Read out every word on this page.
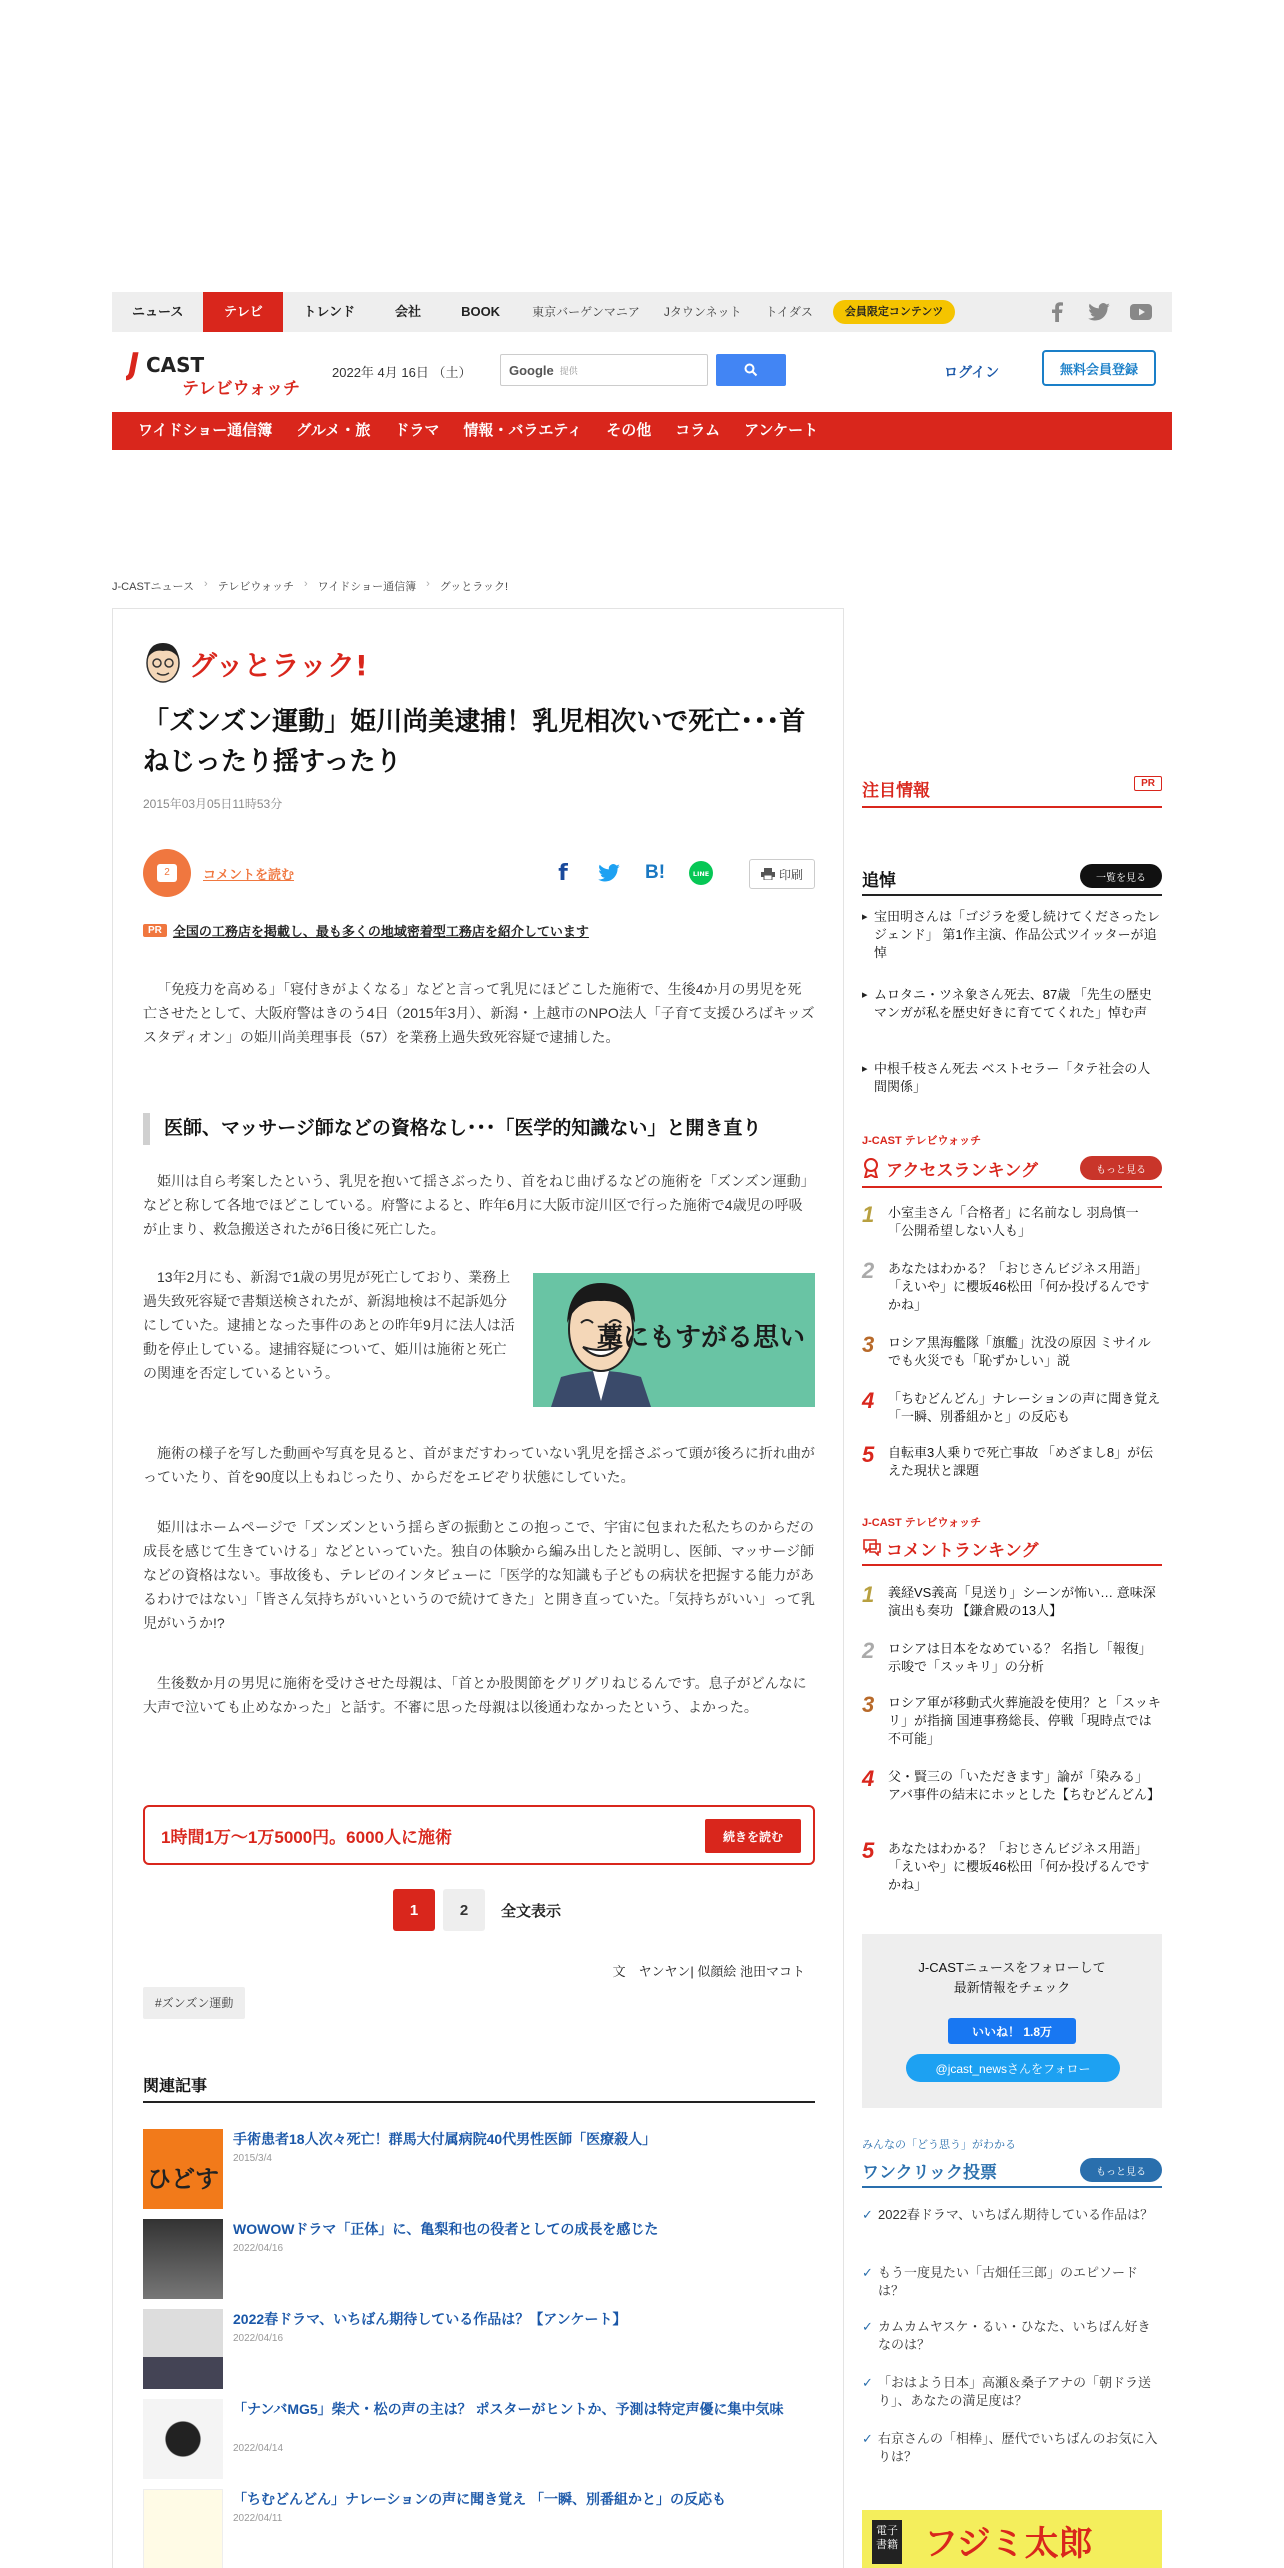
ニュース	テレビ	トレンド	会社	BOOK	東京バーゲンマニア	Jタウンネット	トイダス	会員限定コンテンツ
J CAST
テレビウォッチ
2022年 4月 16日 （土）	Google 提供	ログイン	無料会員登録
ワイドショー通信簿	グルメ・旅	ドラマ	情報・バラエティ	その他	コラム	アンケート
J-CASTニュース › テレビウォッチ › ワイドショー通信簿 › グッとラック!
グッとラック!
「ズンズン運動」姫川尚美逮捕！乳児相次いで死亡･･･首ねじったり揺すったり
2015年03月05日11時53分
2	コメントを読む	f	B!	LINE	印刷
PR 全国の工務店を掲載し、最も多くの地域密着型工務店を紹介しています

「免疫力を高める」「寝付きがよくなる」などと言って乳児にほどこした施術で、生後4か月の男児を死亡させたとして、大阪府警はきのう4日（2015年3月）、新潟・上越市のNPO法人「子育て支援ひろばキッズスタディオン」の姫川尚美理事長（57）を業務上過失致死容疑で逮捕した。

医師、マッサージ師などの資格なし･･･「医学的知識ない」と開き直り

姫川は自ら考案したという、乳児を抱いて揺さぶったり、首をねじ曲げるなどの施術を「ズンズン運動」などと称して各地でほどこしている。府警によると、昨年6月に大阪市淀川区で行った施術で4歳児の呼吸が止まり、救急搬送されたが6日後に死亡した。

13年2月にも、新潟で1歳の男児が死亡しており、業務上過失致死容疑で書類送検されたが、新潟地検は不起訴処分にしていた。逮捕となった事件のあとの昨年9月に法人は活動を停止している。逮捕容疑について、姫川は施術と死亡の関連を否定しているという。

藁にもすがる思い

施術の様子を写した動画や写真を見ると、首がまだすわっていない乳児を揺さぶって頭が後ろに折れ曲がっていたり、首を90度以上もねじったり、からだをエビぞり状態にしていた。

姫川はホームページで「ズンズンという揺らぎの振動とこの抱っこで、宇宙に包まれた私たちのからだの成長を感じて生きていける」などといっていた。独自の体験から編み出したと説明し、医師、マッサージ師などの資格はない。事故後も、テレビのインタビューに「医学的な知識も子どもの病状を把握する能力があるわけではない」「皆さん気持ちがいいというので続けてきた」と開き直っていた。「気持ちがいい」って乳児がいうか!?

生後数か月の男児に施術を受けさせた母親は、「首とか股関節をグリグリねじるんです。息子がどんなに大声で泣いても止めなかった」と話す。不審に思った母親は以後通わなかったという、よかった。

1時間1万～1万5000円。6000人に施術	続きを読む
1	2	全文表示
文　ヤンヤン| 似顔絵 池田マコト
#ズンズン運動
関連記事
ひどす
手術患者18人次々死亡！群馬大付属病院40代男性医師「医療殺人」
2015/3/4
WOWOWドラマ「正体」に、亀梨和也の役者としての成長を感じた
2022/04/16
2022春ドラマ、いちばん期待している作品は？【アンケート】
2022/04/16
「ナンバMG5」柴犬・松の声の主は？ ポスターがヒントか、予測は特定声優に集中気味
2022/04/14
「ちむどんどん」ナレーションの声に聞き覚え 「一瞬、別番組かと」の反応も
2022/04/11
注目情報	PR
追悼	一覧を見る
▸ 宝田明さんは「ゴジラを愛し続けてくださったレジェンド」 第1作主演、作品公式ツイッターが追悼
▸ ムロタニ・ツネ象さん死去、87歳 「先生の歴史マンガが私を歴史好きに育ててくれた」悼む声
▸ 中根千枝さん死去 ベストセラー「タテ社会の人間関係」
J-CAST テレビウォッチ
アクセスランキング	もっと見る
1 小室圭さん「合格者」に名前なし 羽鳥慎一「公開希望しない人も」
2 あなたはわかる？「おじさんビジネス用語」 「えいや」に櫻坂46松田「何か投げるんですかね」
3 ロシア黒海艦隊「旗艦」沈没の原因 ミサイルでも火災でも「恥ずかしい」説
4 「ちむどんどん」ナレーションの声に聞き覚え 「一瞬、別番組かと」の反応も
5 自転車3人乗りで死亡事故 「めざまし8」が伝えた現状と課題
J-CAST テレビウォッチ
コメントランキング
1 義経VS義高「見送り」シーンが怖い… 意味深演出も奏功 【鎌倉殿の13人】
2 ロシアは日本をなめている？ 名指し「報復」示唆で「スッキリ」の分析
3 ロシア軍が移動式火葬施設を使用？と「スッキリ」が指摘 国連事務総長、停戦「現時点では不可能」
4 父・賢三の「いただきます」論が「染みる」 アバ事件の結末にホッとした【ちむどんどん】
5 あなたはわかる？「おじさんビジネス用語」 「えいや」に櫻坂46松田「何か投げるんですかね」
J-CASTニュースをフォローして
最新情報をチェック
いいね！ 1.8万
@jcast_newsさんをフォロー
みんなの「どう思う」がわかる
ワンクリック投票	もっと見る
✓ 2022春ドラマ、いちばん期待している作品は？
✓ もう一度見たい「古畑任三郎」のエピソードは？
✓ カムカムヤスケ・るい・ひなた、いちばん好きなのは？
✓ 「おはよう日本」高瀬＆桑子アナの「朝ドラ送り」、あなたの満足度は？
✓ 右京さんの「相棒」、歴代でいちばんのお気に入りは？
電子書籍 フジミ太郎
